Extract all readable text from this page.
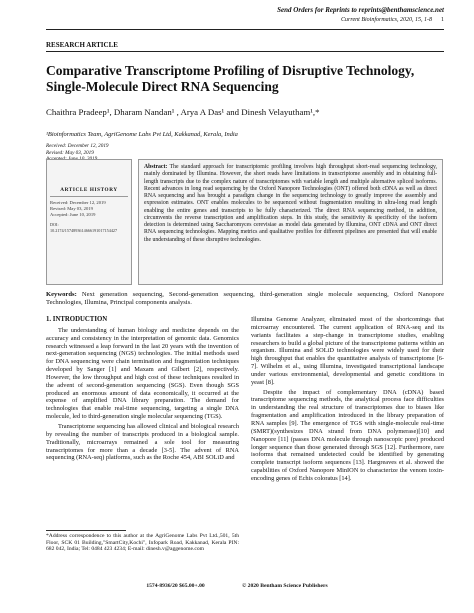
Send Orders for Reprints to reprints@benthamscience.net
Current Bioinformatics, 2020, 15, 1-8 1
RESEARCH ARTICLE
Comparative Transcriptome Profiling of Disruptive Technology, Single-Molecule Direct RNA Sequencing
Chaithra Pradeep¹, Dharam Nandan¹ , Arya A Das¹ and Dinesh Velayutham¹,*
¹Bioinformatics Team, AgriGenome Labs Pvt Ltd, Kakkanad, Kerala, India
Received: December 12, 2019
Revised: May 03, 2019
ARTICLE HISTORY
Received: December 12, 2019
Revised: May 03, 2019
Accepted: June 10, 2019
DOI:
10.2174/1574893614666191017154427
Abstract: The standard approach for transcriptomic profiling involves high throughput short-read sequencing technology, mainly dominated by Illumina. However, the short reads have limitations in transcriptome assembly and in obtaining full-length transcripts due to the complex nature of transcriptomes with variable length and multiple alternative spliced isoforms. Recent advances in long read sequencing by the Oxford Nanopore Technologies (ONT) offered both cDNA as well as direct RNA sequencing and has brought a paradigm change in the sequencing technology to greatly improve the assembly and expression estimates. ONT enables molecules to be sequenced without fragmentation resulting in ultra-long read length enabling the entire genes and transcripts to be fully characterized. The direct RNA sequencing method, in addition, circumvents the reverse transcription and amplification steps. In this study, the sensitivity & specificity of the isoform detection is determined using Saccharomyces cerevisiae as model data generated by Illumina, ONT cDNA and ONT direct RNA sequencing technologies. Mapping metrics and qualitative profiles for different pipelines are presented that will enable the understanding of these disruptive technologies.
Keywords: Next generation sequencing, Second-generation sequencing, third-generation single molecule sequencing, Oxford Nanopore Technologies, Illumina, Principal components analysis.
1. INTRODUCTION

The understanding of human biology and medicine depends on the accuracy and consistency in the interpretation of genomic data. Genomics research witnessed a leap forward in the last 20 years with the invention of next-generation sequencing (NGS) technologies. The initial methods used for DNA sequencing were chain termination and fragmentation techniques developed by Sanger [1] and Maxam and Gilbert [2], respectively. However, the low throughput and high cost of these techniques resulted in the advent of second-generation sequencing (SGS). Even though SGS produced an enormous amount of data economically, it occurred at the expense of amplified DNA library preparation. The demand for technologies that enable real-time sequencing, targeting a single DNA molecule, led to third-generation single molecular sequencing (TGS).

Transcriptome sequencing has allowed clinical and biological research by revealing the number of transcripts produced in a biological sample. Traditionally, microarrays remained a sole tool for measuring transcriptomes for more than a decade [3-5]. The advent of RNA sequencing (RNA-seq) platforms, such as the Roche 454, ABI SOLiD and

Illumina Genome Analyzer, eliminated most of the shortcomings that microarray encountered. The current application of RNA-seq and its variants facilitates a step-change in transcriptome studies, enabling researchers to build a global picture of the transcriptome patterns within an organism. Illumina and SOLiD technologies were widely used for their high throughput that enables the quantitative analysis of transcriptome [6-7]. Wilhelm et al., using Illumina, investigated transcriptional landscape under various environmental, developmental and genetic conditions in yeast [8].

Despite the impact of complementary DNA (cDNA) based transcriptome sequencing methods, the analytical process face difficulties in understanding the real structure of transcriptomes due to biases like fragmentation and amplification introduced in the library preparation of RNA samples [9]. The emergence of TGS with single-molecule real-time (SMRT)(synthesizes DNA strand from DNA polymerase)[10] and Nanopore [11] (passes DNA molecule through nanoscopic pore) produced longer sequence than those generated through SGS [12]. Furthermore, rare isoforms that remained undetected could be identified by generating complete transcript isoform sequences [13]. Hargreaves et al. showed the capabilities of Oxford Nanopore MinION to characterize the venom toxin-encoding genes of Echis coloratus [14].

*Address correspondence to this author at the AgriGenome Labs Pvt Ltd.,501, 5th Floor, SCK 01 Building,"SmartCity,Kochi", Infopark Road, Kakkanad, Kerala PIN: 682 042, India; Tel: 0484 423 4234; E-mail: dinesh.v@aggenome.com
1574-8936/20 $65.00+.00	© 2020 Bentham Science Publishers
